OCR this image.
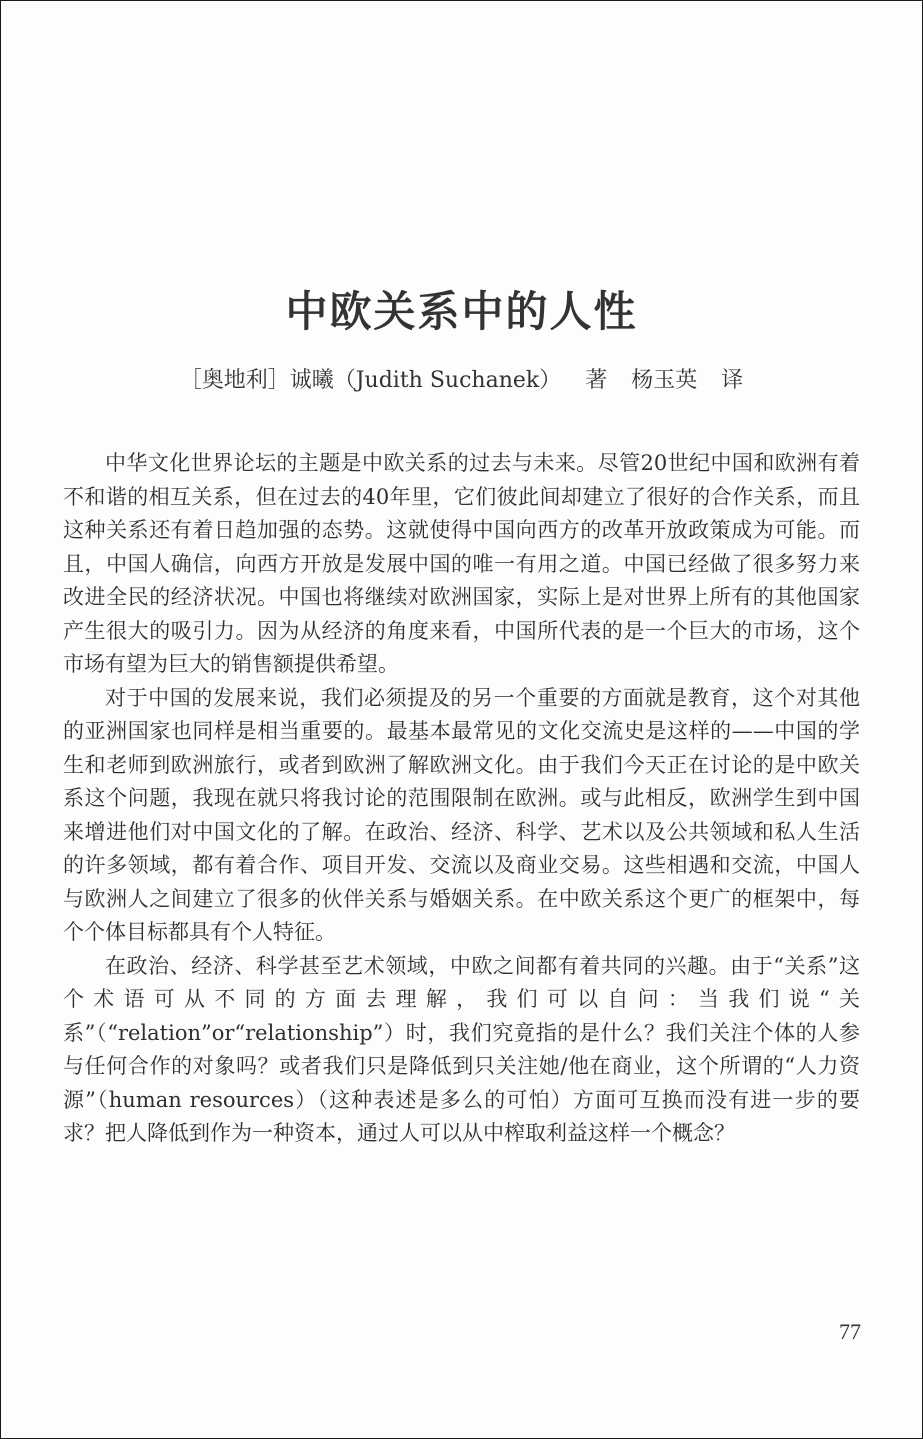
中欧关系中的人性
［奥地利］诚曦（Judith Suchanek） 著 杨玉英 译

中华文化世界论坛的主题是中欧关系的过去与未来。尽管20世纪中国和欧洲有着不和谐的相互关系，但在过去的40年里，它们彼此间却建立了很好的合作关系，而且这种关系还有着日趋加强的态势。这就使得中国向西方的改革开放政策成为可能。而且，中国人确信，向西方开放是发展中国的唯一有用之道。中国已经做了很多努力来改进全民的经济状况。中国也将继续对欧洲国家，实际上是对世界上所有的其他国家产生很大的吸引力。因为从经济的角度来看，中国所代表的是一个巨大的市场，这个市场有望为巨大的销售额提供希望。

对于中国的发展来说，我们必须提及的另一个重要的方面就是教育，这个对其他的亚洲国家也同样是相当重要的。最基本最常见的文化交流史是这样的——中国的学生和老师到欧洲旅行，或者到欧洲了解欧洲文化。由于我们今天正在讨论的是中欧关系这个问题，我现在就只将我讨论的范围限制在欧洲。或与此相反，欧洲学生到中国来增进他们对中国文化的了解。在政治、经济、科学、艺术以及公共领域和私人生活的许多领域，都有着合作、项目开发、交流以及商业交易。这些相遇和交流，中国人与欧洲人之间建立了很多的伙伴关系与婚姻关系。在中欧关系这个更广的框架中，每个个体目标都具有个人特征。

在政治、经济、科学甚至艺术领域，中欧之间都有着共同的兴趣。由于“关系”这个术语可从不同的方面去理解，我们可以自问：当我们说“关系”（“relation”or“relationship”）时，我们究竟指的是什么？我们关注个体的人参与任何合作的对象吗？或者我们只是降低到只关注她/他在商业，这个所谓的“人力资源”（human resources）（这种表述是多么的可怕）方面可互换而没有进一步的要求？把人降低到作为一种资本，通过人可以从中榨取利益这样一个概念？

77
